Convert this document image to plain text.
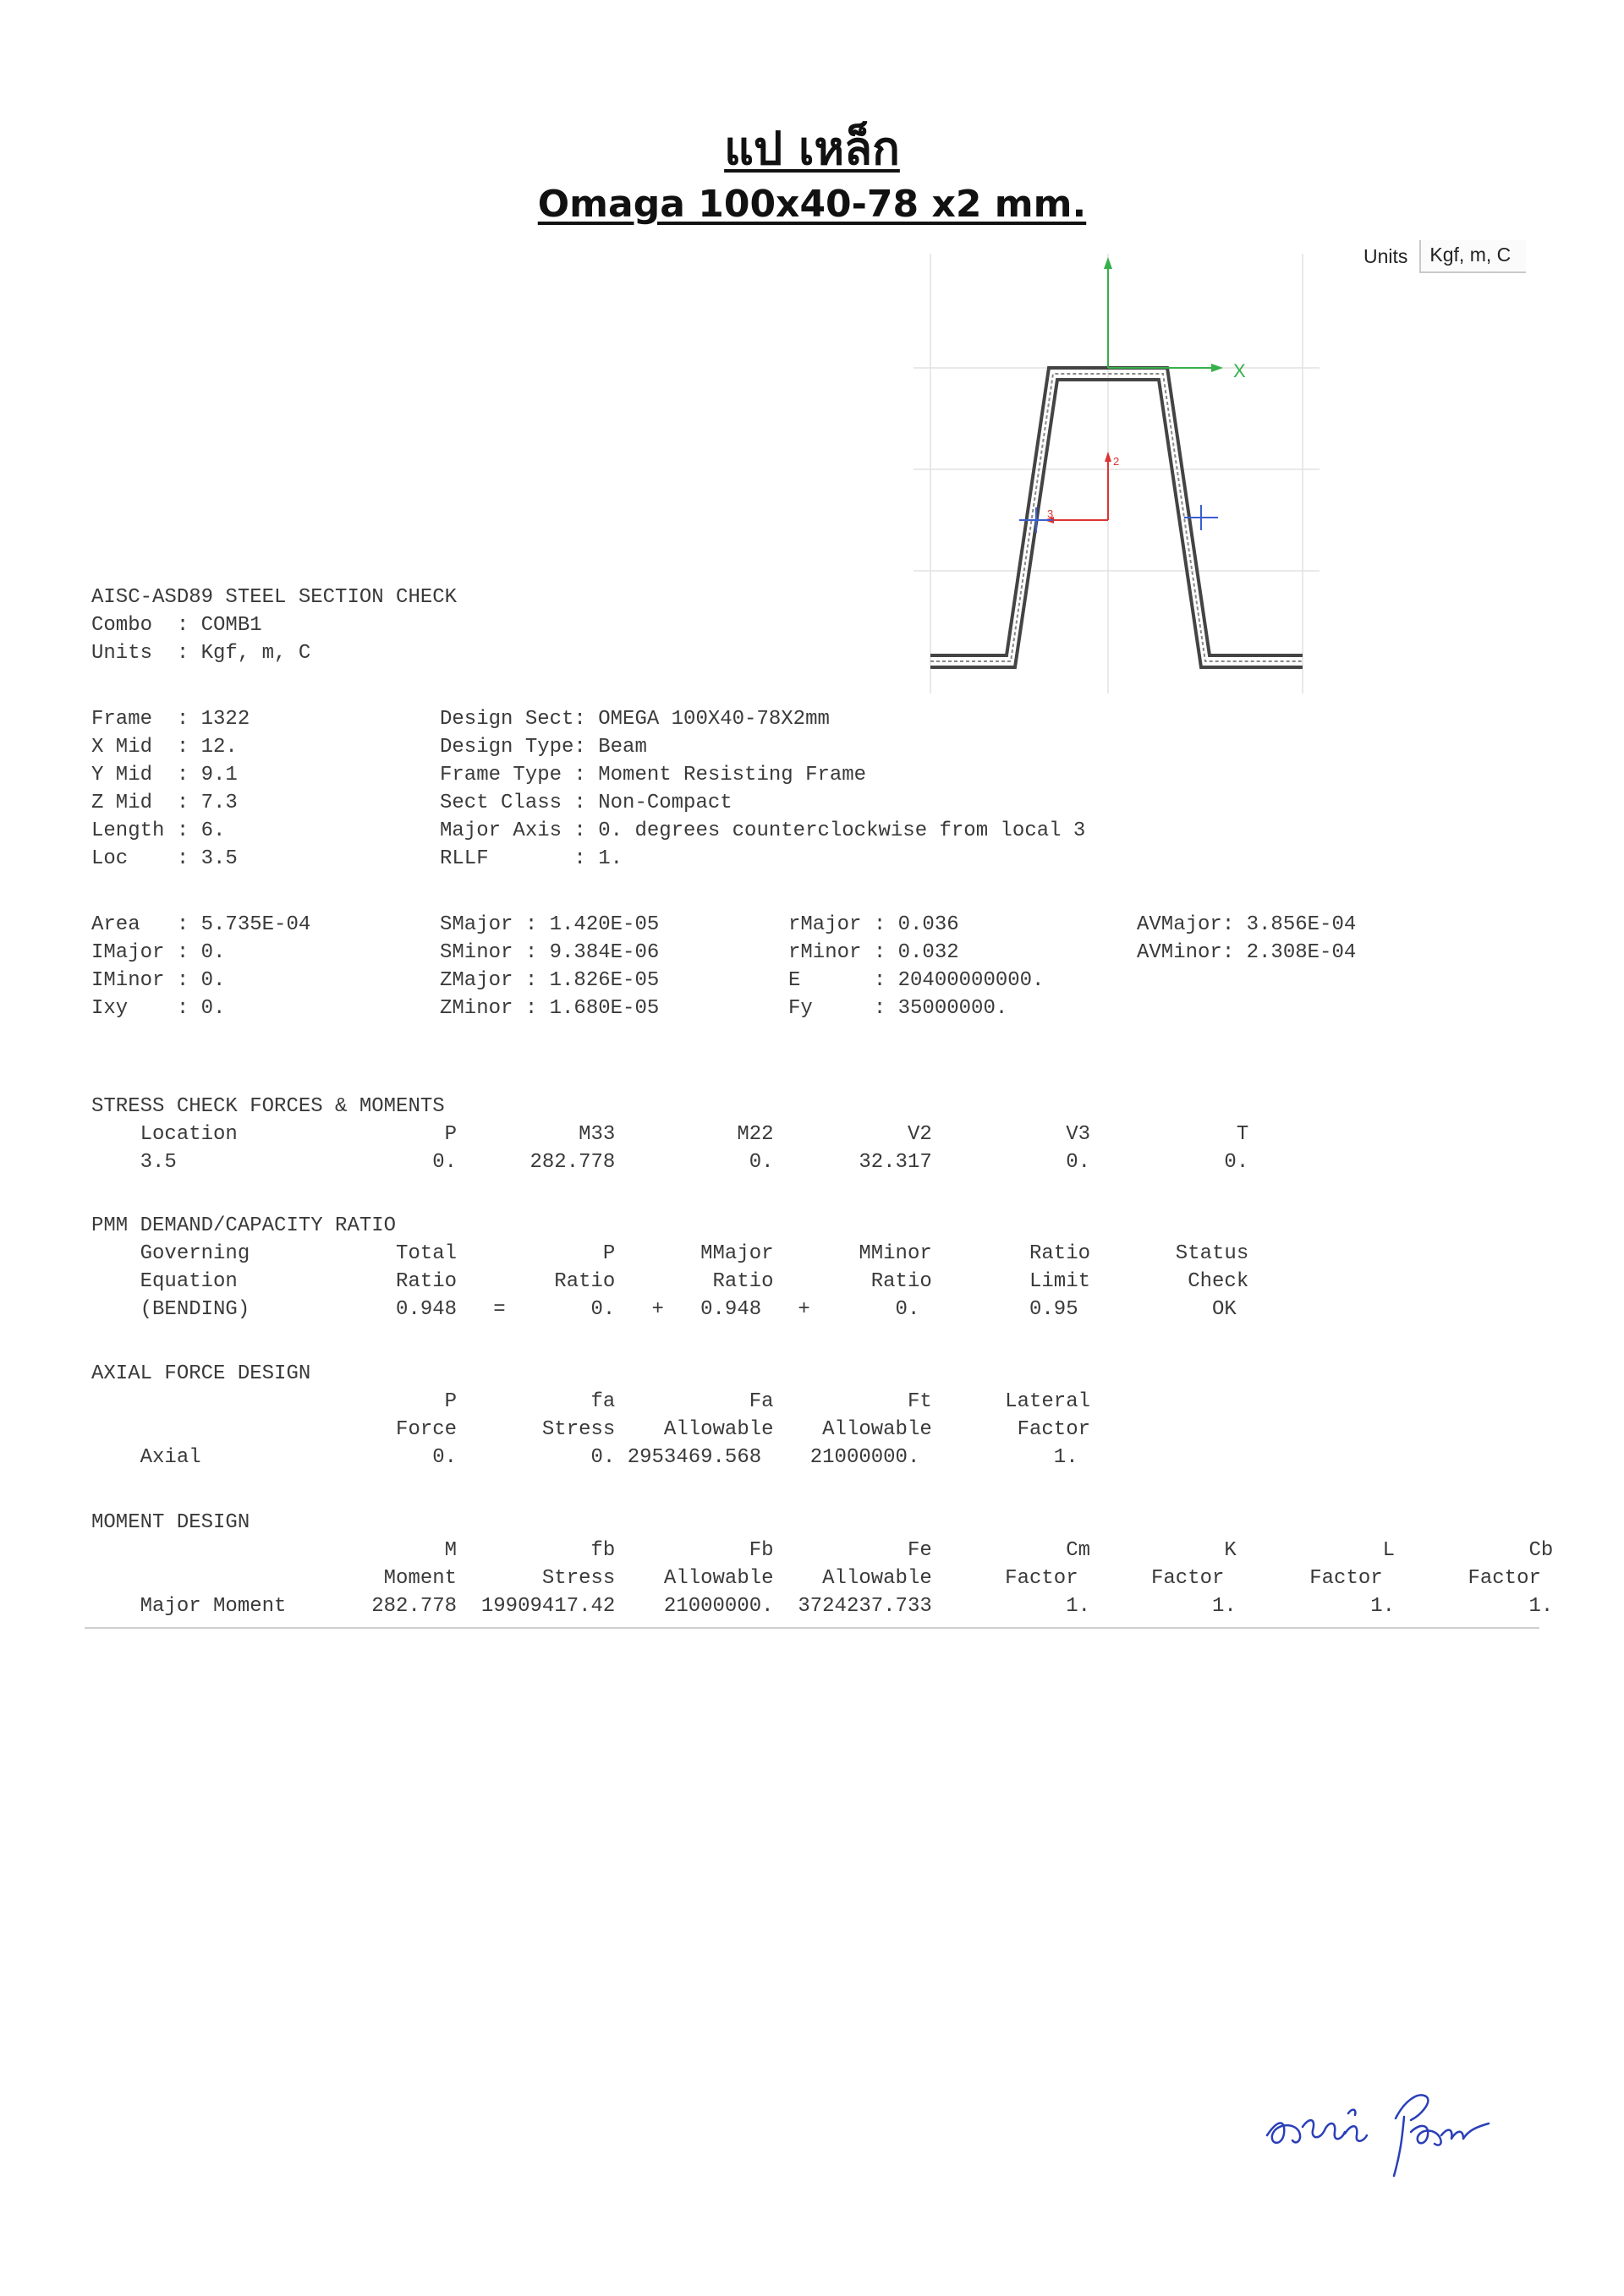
แป เหล็ก
Omaga 100x40-78 x2 mm.
Units	Kgf, m, C
X
2
3

AISC-ASD89 STEEL SECTION CHECK

Combo  : COMB1

Units  : Kgf, m, C

Frame  : 1322

X Mid  : 12.

Y Mid  : 9.1

Z Mid  : 7.3

Length : 6.

Loc    : 3.5

Design Sect: OMEGA 100X40-78X2mm

Design Type: Beam

Frame Type : Moment Resisting Frame

Sect Class : Non-Compact

Major Axis : 0. degrees counterclockwise from local 3

RLLF       : 1.

Area   : 5.735E-04

IMajor : 0.

IMinor : 0.

Ixy    : 0.

SMajor : 1.420E-05

SMinor : 9.384E-06

ZMajor : 1.826E-05

ZMinor : 1.680E-05

rMajor : 0.036

rMinor : 0.032

E      : 20400000000.

Fy     : 35000000.

AVMajor: 3.856E-04

AVMinor: 2.308E-04

STRESS CHECK FORCES & MOMENTS

Location                 P          M33          M22           V2           V3            T

3.5                     0.      282.778           0.       32.317           0.           0.

PMM DEMAND/CAPACITY RATIO

Governing            Total            P       MMajor       MMinor        Ratio       Status

Equation             Ratio        Ratio        Ratio        Ratio        Limit        Check

(BENDING)            0.948   =       0.   +   0.948   +       0.         0.95           OK

AXIAL FORCE DESIGN

P           fa           Fa           Ft      Lateral

Force       Stress    Allowable    Allowable       Factor

Axial                   0.           0. 2953469.568    21000000.           1.

MOMENT DESIGN

M           fb           Fb           Fe           Cm           K            L           Cb

Moment       Stress    Allowable    Allowable      Factor      Factor       Factor       Factor

Major Moment       282.778  19909417.42    21000000.  3724237.733           1.          1.           1.           1.
